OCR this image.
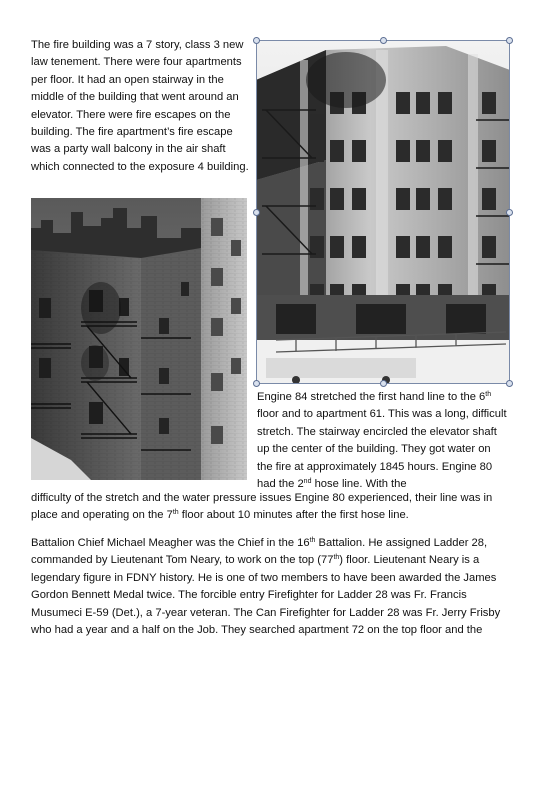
The fire building was a 7 story, class 3 new law tenement. There were four apartments per floor. It had an open stairway in the middle of the building that went around an elevator. There were fire escapes on the building. The fire apartment’s fire escape was a party wall balcony in the air shaft which connected to the exposure 4 building.

Engine 84 stretched the first hand line to the 6th floor and to apartment 61. This was a long, difficult stretch. The stairway encircled the elevator shaft up the center of the building. They got water on the fire at approximately 1845 hours. Engine 80 had the 2nd hose line. With the

difficulty of the stretch and the water pressure issues Engine 80 experienced, their line was in place and operating on the 7th floor about 10 minutes after the first hose line.

Battalion Chief Michael Meagher was the Chief in the 16th Battalion. He assigned Ladder 28, commanded by Lieutenant Tom Neary, to work on the top (77th) floor. Lieutenant Neary is a legendary figure in FDNY history. He is one of two members to have been awarded the James Gordon Bennett Medal twice. The forcible entry Firefighter for Ladder 28 was Fr. Francis Musumeci E-59 (Det.), a 7-year veteran. The Can Firefighter for Ladder 28 was Fr. Jerry Frisby who had a year and a half on the Job. They searched apartment 72 on the top floor and the
